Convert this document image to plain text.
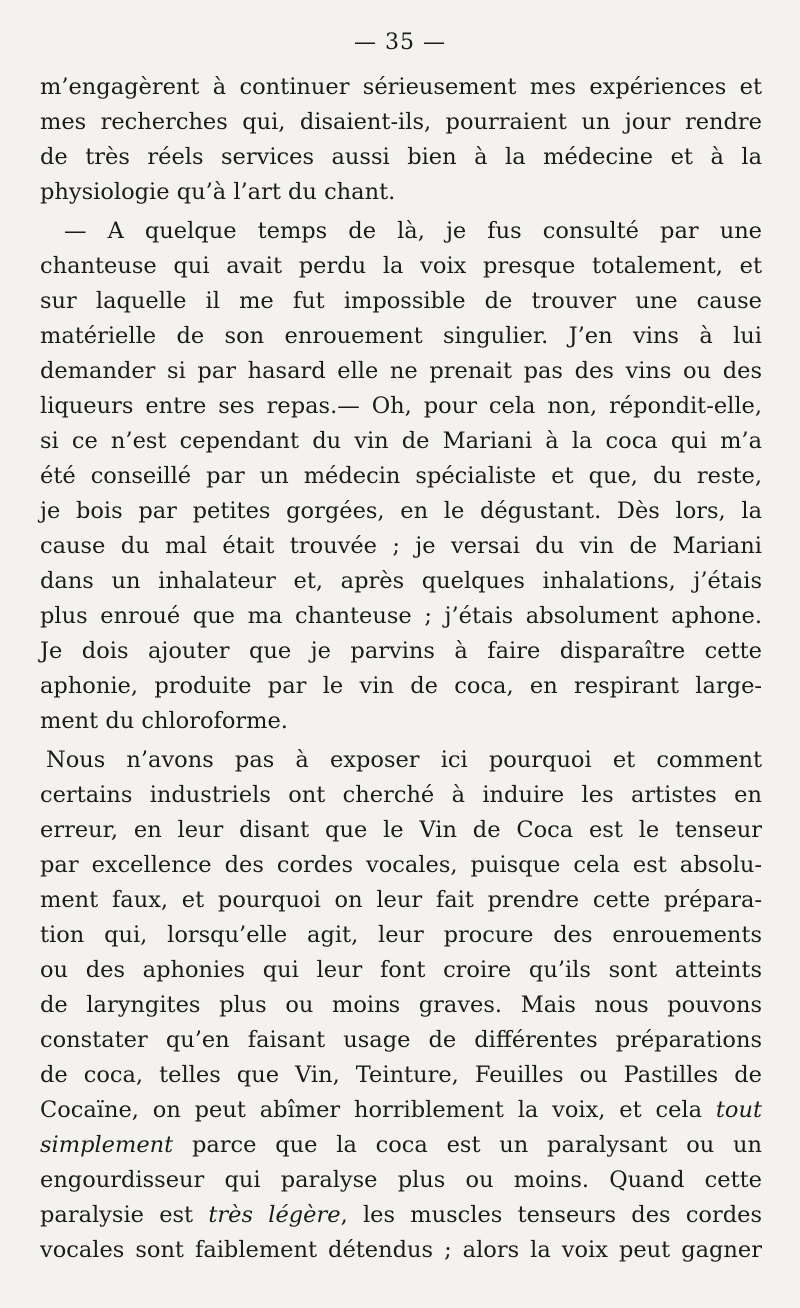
— 35 —
m’engagèrent à continuer sérieusement mes expériences et
mes recherches qui, disaient-ils, pourraient un jour rendre
de très réels services aussi bien à la médecine et à la
physiologie qu’à l’art du chant.
— A quelque temps de là, je fus consulté par une
chanteuse qui avait perdu la voix presque totalement, et
sur laquelle il me fut impossible de trouver une cause
matérielle de son enrouement singulier. J’en vins à lui
demander si par hasard elle ne prenait pas des vins ou des
liqueurs entre ses repas.— Oh, pour cela non, répondit-elle,
si ce n’est cependant du vin de Mariani à la coca qui m’a
été conseillé par un médecin spécialiste et que, du reste,
je bois par petites gorgées, en le dégustant. Dès lors, la
cause du mal était trouvée ; je versai du vin de Mariani
dans un inhalateur et, après quelques inhalations, j’étais
plus enroué que ma chanteuse ; j’étais absolument aphone.
Je dois ajouter que je parvins à faire disparaître cette
aphonie, produite par le vin de coca, en respirant large-
ment du chloroforme.
Nous n’avons pas à exposer ici pourquoi et comment
certains industriels ont cherché à induire les artistes en
erreur, en leur disant que le Vin de Coca est le tenseur
par excellence des cordes vocales, puisque cela est absolu-
ment faux, et pourquoi on leur fait prendre cette prépara-
tion qui, lorsqu’elle agit, leur procure des enrouements
ou des aphonies qui leur font croire qu’ils sont atteints
de laryngites plus ou moins graves. Mais nous pouvons
constater qu’en faisant usage de différentes préparations
de coca, telles que Vin, Teinture, Feuilles ou Pastilles de
Cocaïne, on peut abîmer horriblement la voix, et cela tout
simplement parce que la coca est un paralysant ou un
engourdisseur qui paralyse plus ou moins. Quand cette
paralysie est très légère, les muscles tenseurs des cordes
vocales sont faiblement détendus ; alors la voix peut gagner
